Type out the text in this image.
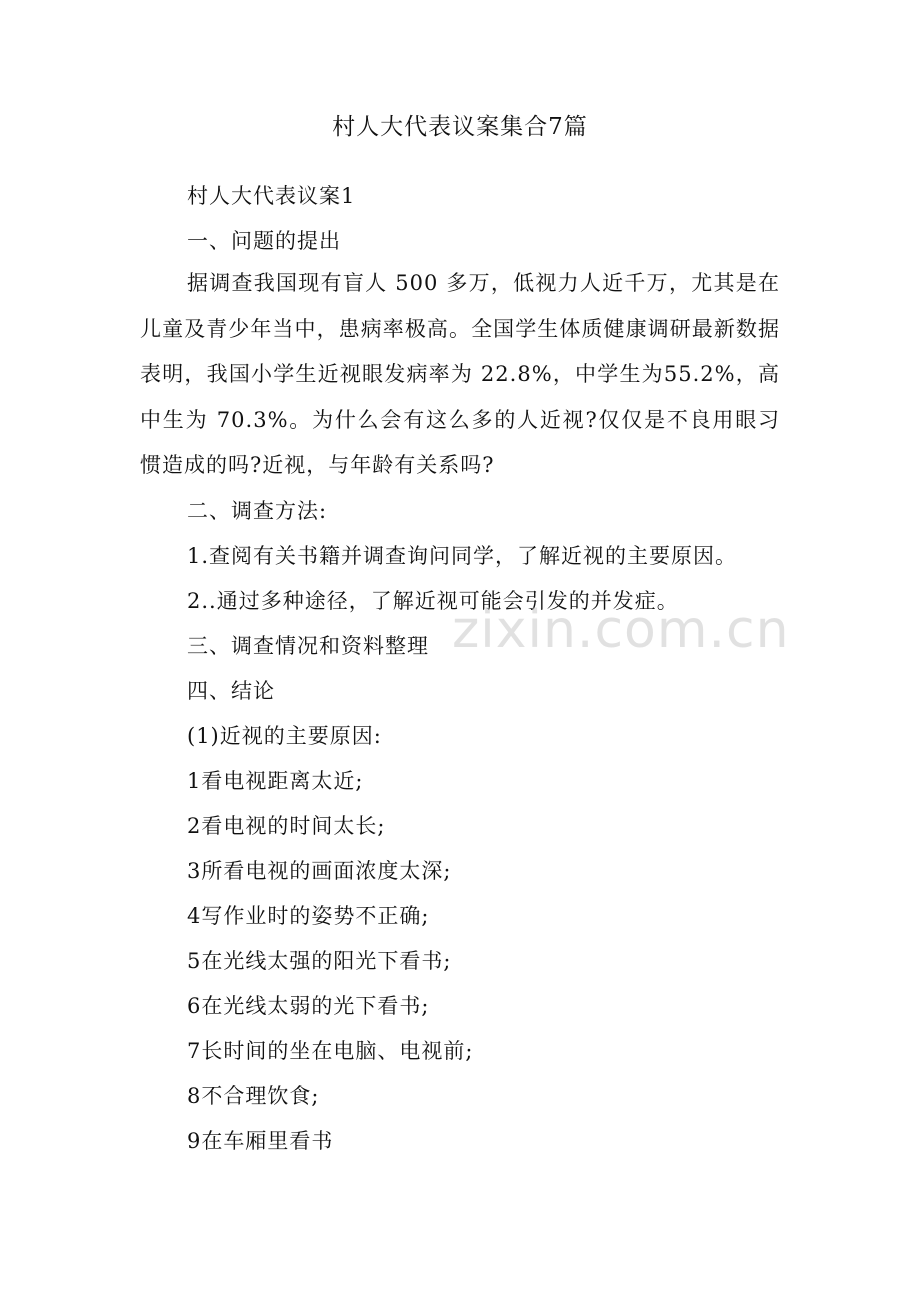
村人大代表议案集合7篇
村人大代表议案1
一、问题的提出
据调查我国现有盲人 500 多万，低视力人近千万，尤其是在儿童及青少年当中，患病率极高。全国学生体质健康调研最新数据表明，我国小学生近视眼发病率为 22.8%，中学生为55.2%，高中生为 70.3%。为什么会有这么多的人近视?仅仅是不良用眼习惯造成的吗?近视，与年龄有关系吗?
二、调查方法:
1.查阅有关书籍并调查询问同学，了解近视的主要原因。
2..通过多种途径，了解近视可能会引发的并发症。
三、调查情况和资料整理
四、结论
(1)近视的主要原因:
1看电视距离太近;
2看电视的时间太长;
3所看电视的画面浓度太深;
4写作业时的姿势不正确;
5在光线太强的阳光下看书;
6在光线太弱的光下看书;
7长时间的坐在电脑、电视前;
8不合理饮食;
9在车厢里看书
zixin.com.cn
